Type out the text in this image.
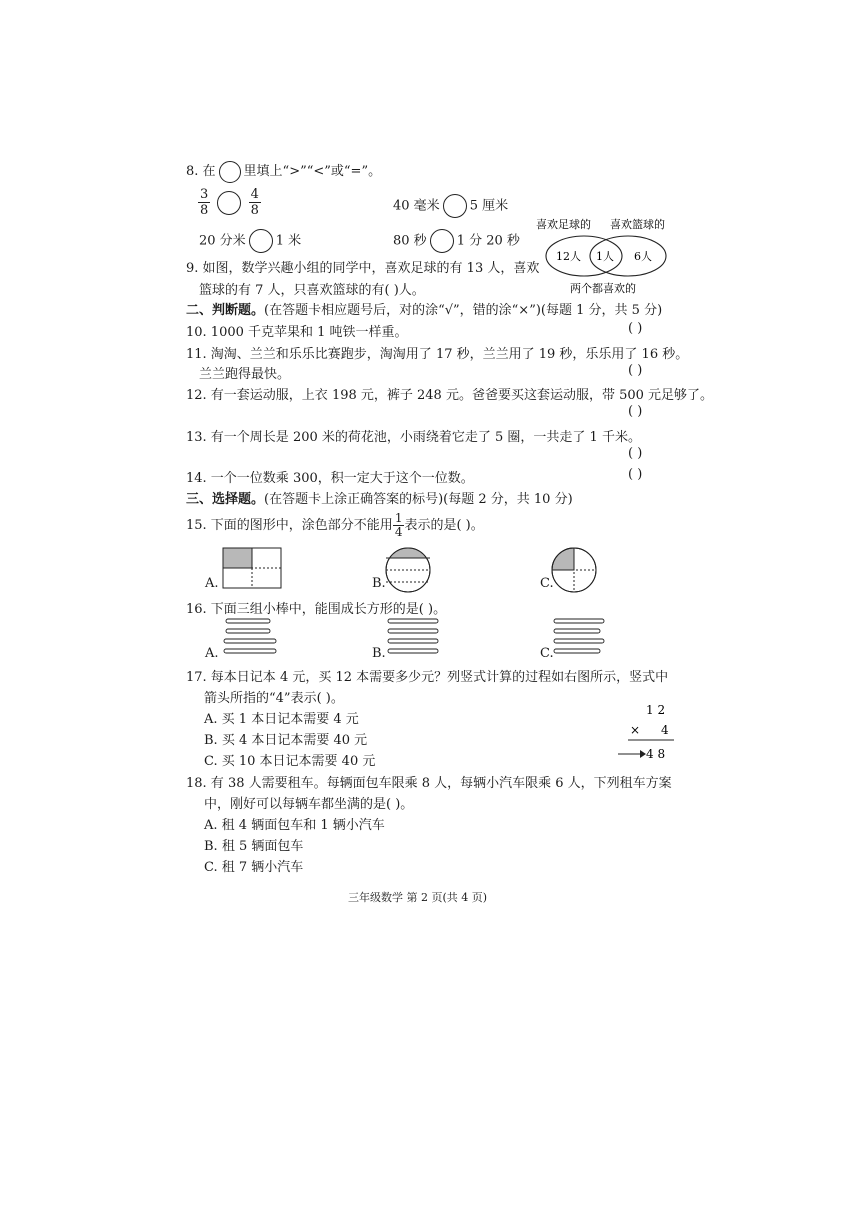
8. 在 里填上“>”“<”或“=”。
$\frac{3}{8}$
	$\frac{4}{8}$	40 毫米 5 厘米
20 分米 1 米	80 秒 1 分 20 秒
喜欢足球的 喜欢篮球的
12人 1人 6人
两个都喜欢的
9. 如图，数学兴趣小组的同学中，喜欢足球的有 13 人，喜欢
篮球的有 7 人，只喜欢篮球的有( )人。
二、判断题。(在答题卡相应题号后，对的涂“√”，错的涂“×”)(每题 1 分，共 5 分)
10. 1000 千克苹果和 1 吨铁一样重。	( )
11. 淘淘、兰兰和乐乐比赛跑步，淘淘用了 17 秒，兰兰用了 19 秒，乐乐用了 16 秒。
兰兰跑得最快。	( )
12. 有一套运动服，上衣 198 元，裤子 248 元。爸爸要买这套运动服，带 500 元足够了。
( )
13. 有一个周长是 200 米的荷花池，小雨绕着它走了 5 圈，一共走了 1 千米。
( )
14. 一个一位数乘 300，积一定大于这个一位数。	( )
三、选择题。(在答题卡上涂正确答案的标号)(每题 2 分，共 10 分)
15. 下面的图形中，涂色部分不能用 $\frac{1}{4}$ 表示的是( )。
A.	B.	C.
16. 下面三组小棒中，能围成长方形的是( )。
A.	B.	C.
17. 每本日记本 4 元，买 12 本需要多少元？列竖式计算的过程如右图所示，竖式中
箭头所指的“4”表示( )。
A. 买 1 本日记本需要 4 元
B. 买 4 本日记本需要 40 元
C. 买 10 本日记本需要 40 元
1 2
× 4
4 8
18. 有 38 人需要租车。每辆面包车限乘 8 人，每辆小汽车限乘 6 人，下列租车方案
中，刚好可以每辆车都坐满的是( )。
A. 租 4 辆面包车和 1 辆小汽车
B. 租 5 辆面包车
C. 租 7 辆小汽车
三年级数学 第 2 页(共 4 页)
